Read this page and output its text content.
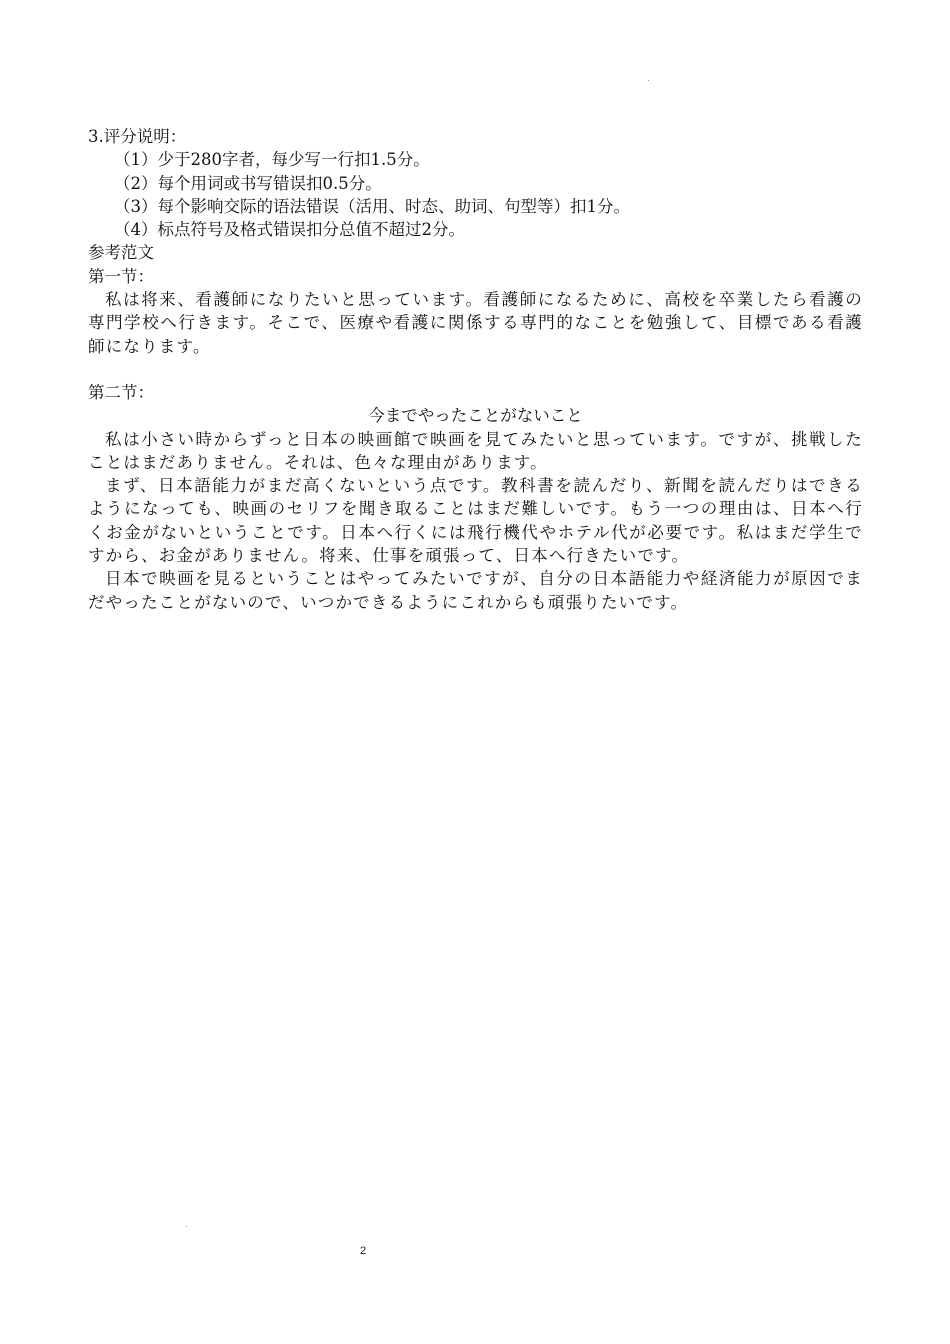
3.评分说明：
（1）少于280字者，每少写一行扣1.5分。
（2）每个用词或书写错误扣0.5分。
（3）每个影响交际的语法错误（活用、时态、助词、句型等）扣1分。
（4）标点符号及格式错误扣分总值不超过2分。
参考范文
第一节：
私は将来、看護師になりたいと思っています。看護師になるために、高校を卒業したら看護の専門学校へ行きます。そこで、医療や看護に関係する専門的なことを勉強して、目標である看護師になります。
第二节：
今までやったことがないこと
私は小さい時からずっと日本の映画館で映画を見てみたいと思っています。ですが、挑戦したことはまだありません。それは、色々な理由があります。
まず、日本語能力がまだ高くないという点です。教科書を読んだり、新聞を読んだりはできるようになっても、映画のセリフを聞き取ることはまだ難しいです。もう一つの理由は、日本へ行くお金がないということです。日本へ行くには飛行機代やホテル代が必要です。私はまだ学生ですから、お金がありません。将来、仕事を頑張って、日本へ行きたいです。
日本で映画を見るということはやってみたいですが、自分の日本語能力や経済能力が原因でまだやったことがないので、いつかできるようにこれからも頑張りたいです。
2
